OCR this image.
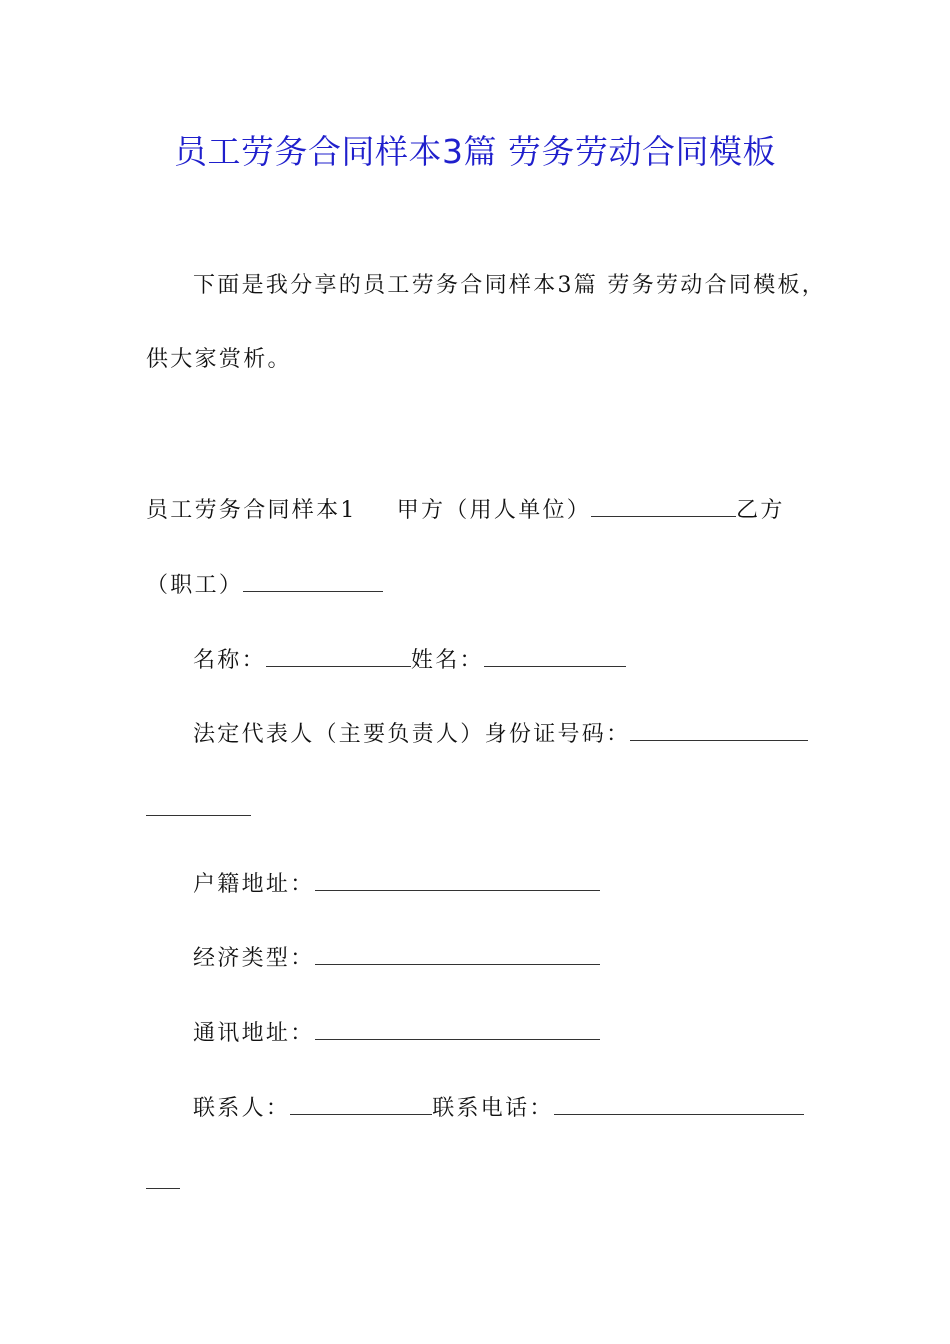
员工劳务合同样本3篇 劳务劳动合同模板
下面是我分享的员工劳务合同样本3篇 劳务劳动合同模板，
供大家赏析。
员工劳务合同样本1 甲方（用人单位）	乙方
（职工）
名称：	姓名：
法定代表人（主要负责人）身份证号码：
户籍地址：
经济类型：
通讯地址：
联系人：	联系电话：
